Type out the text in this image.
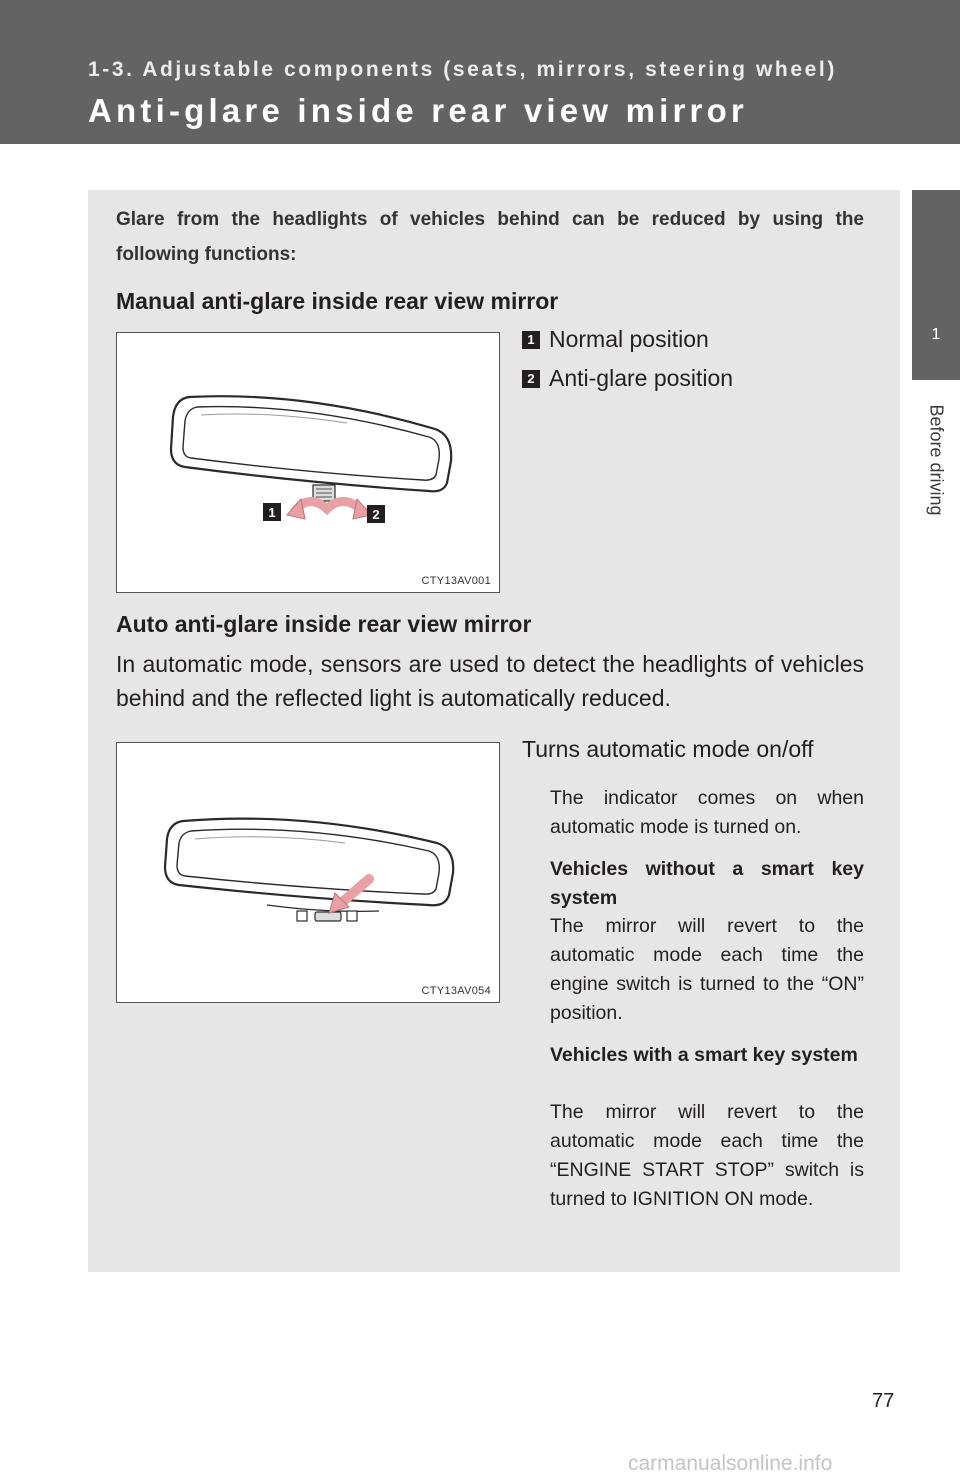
1-3. Adjustable components (seats, mirrors, steering wheel)
Anti-glare inside rear view mirror
1
Before driving

Glare from the headlights of vehicles behind can be reduced by using the following functions:

Manual anti-glare inside rear view mirror
1	2
CTY13AV001
1 Normal position
2 Anti-glare position
Auto anti-glare inside rear view mirror

In automatic mode, sensors are used to detect the headlights of vehicles behind and the reflected light is automatically reduced.

CTY13AV054
Turns automatic mode on/off

The indicator comes on when automatic mode is turned on.

Vehicles without a smart key system

The mirror will revert to the automatic mode each time the engine switch is turned to the “ON” position.

Vehicles with a smart key system

The mirror will revert to the automatic mode each time the “ENGINE START STOP” switch is turned to IGNITION ON mode.

77
carmanualsonline.info
